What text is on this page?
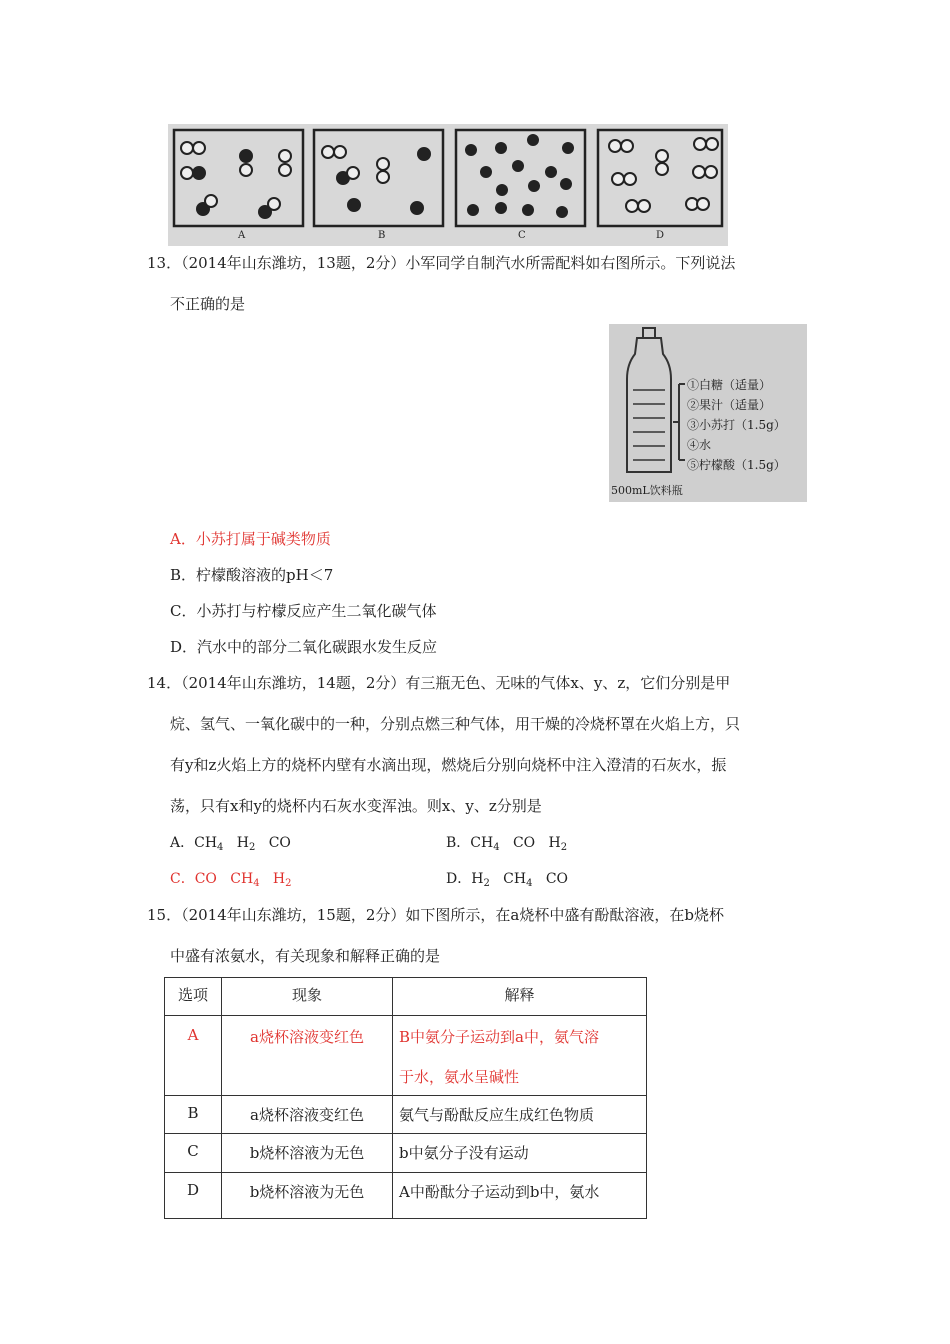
A	B	C	D
13．（2014年山东潍坊，13题，2分）小军同学自制汽水所需配料如右图所示。下列说法
不正确的是
①白糖（适量）
②果汁（适量）
③小苏打（1.5g）
④水
⑤柠檬酸（1.5g）
500mL饮料瓶
A．小苏打属于碱类物质
B．柠檬酸溶液的pH＜7
C．小苏打与柠檬反应产生二氧化碳气体
D．汽水中的部分二氧化碳跟水发生反应
14．（2014年山东潍坊，14题，2分）有三瓶无色、无味的气体x、y、z，它们分别是甲
烷、氢气、一氧化碳中的一种，分别点燃三种气体，用干燥的冷烧杯罩在火焰上方，只
有y和z火焰上方的烧杯内壁有水滴出现，燃烧后分别向烧杯中注入澄清的石灰水，振
荡，只有x和y的烧杯内石灰水变浑浊。则x、y、z分别是
A．$CH_4$ $H_2$ CO	B．$CH_4$ CO $H_2$
C．CO $CH_4$ $H_2$	D．$H_2$ $CH_4$ CO
15．（2014年山东潍坊，15题，2分）如下图所示，在a烧杯中盛有酚酞溶液，在b烧杯
中盛有浓氨水，有关现象和解释正确的是
选项	现象	解释
A	a烧杯溶液变红色	B中氨分子运动到a中，氨气溶
于水，氨水呈碱性

B	a烧杯溶液变红色	氨气与酚酞反应生成红色物质
C	b烧杯溶液为无色	b中氨分子没有运动
D	b烧杯溶液为无色	A中酚酞分子运动到b中，氨水
